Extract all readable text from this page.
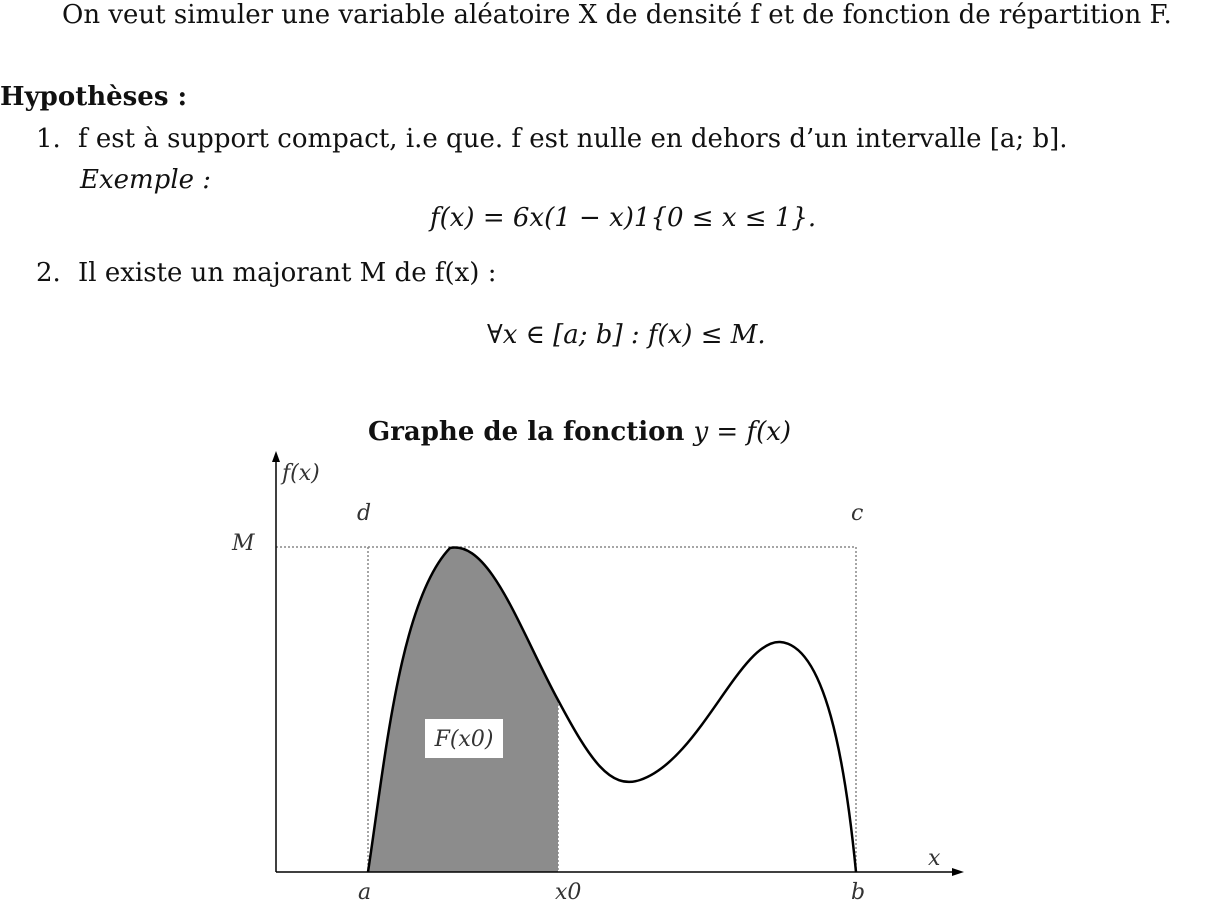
On veut simuler une variable aléatoire X de densité f et de fonction de répartition F.
Hypothèses :
1. f est à support compact, i.e que. f est nulle en dehors d’un intervalle [a; b].
Exemple :
f(x) = 6x(1 − x)1{0 ≤ x ≤ 1}.
2. Il existe un majorant M de f(x) :
∀x ∈ [a; b] : f(x) ≤ M.
Graphe de la fonction y = f(x)
F(x0)
f(x)
x
M
d	c
a	x0	b
